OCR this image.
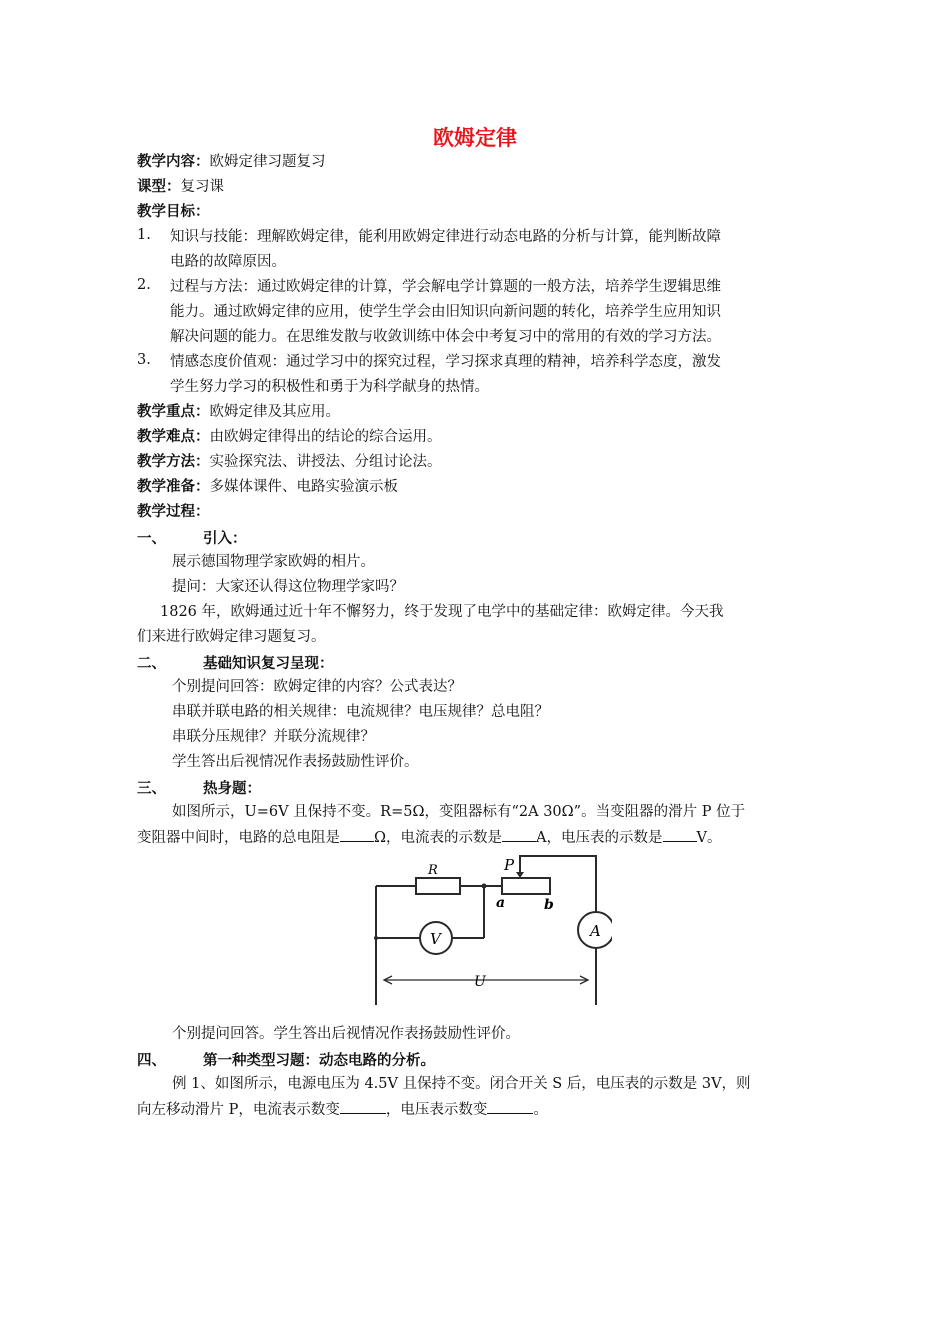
欧姆定律
教学内容：欧姆定律习题复习
课型：复习课
教学目标：
1. 知识与技能：理解欧姆定律，能利用欧姆定律进行动态电路的分析与计算，能判断故障
电路的故障原因。
2. 过程与方法：通过欧姆定律的计算，学会解电学计算题的一般方法，培养学生逻辑思维
能力。通过欧姆定律的应用，使学生学会由旧知识向新问题的转化，培养学生应用知识
解决问题的能力。在思维发散与收敛训练中体会中考复习中的常用的有效的学习方法。
3. 情感态度价值观：通过学习中的探究过程，学习探求真理的精神，培养科学态度，激发
学生努力学习的积极性和勇于为科学献身的热情。
教学重点：欧姆定律及其应用。
教学难点：由欧姆定律得出的结论的综合运用。
教学方法：实验探究法、讲授法、分组讨论法。
教学准备：多媒体课件、电路实验演示板
教学过程：
一、	引入：
展示德国物理学家欧姆的相片。
提问：大家还认得这位物理学家吗？
1826 年，欧姆通过近十年不懈努力，终于发现了电学中的基础定律：欧姆定律。今天我
们来进行欧姆定律习题复习。
二、	基础知识复习呈现：
个别提问回答：欧姆定律的内容？公式表达？
串联并联电路的相关规律：电流规律？电压规律？总电阻？
串联分压规律？并联分流规律？
学生答出后视情况作表扬鼓励性评价。
三、	热身题：
如图所示，U=6V 且保持不变。R=5Ω，变阻器标有“2A 30Ω”。当变阻器的滑片 P 位于
变阻器中间时，电路的总电阻是 Ω，电流表的示数是 A，电压表的示数是 V。
R	P
a	b
V	A
U
个别提问回答。学生答出后视情况作表扬鼓励性评价。
四、	第一种类型习题：动态电路的分析。
例 1、如图所示，电源电压为 4.5V 且保持不变。闭合开关 S 后，电压表的示数是 3V，则
向左移动滑片 P，电流表示数变	，电压表示数变	。
